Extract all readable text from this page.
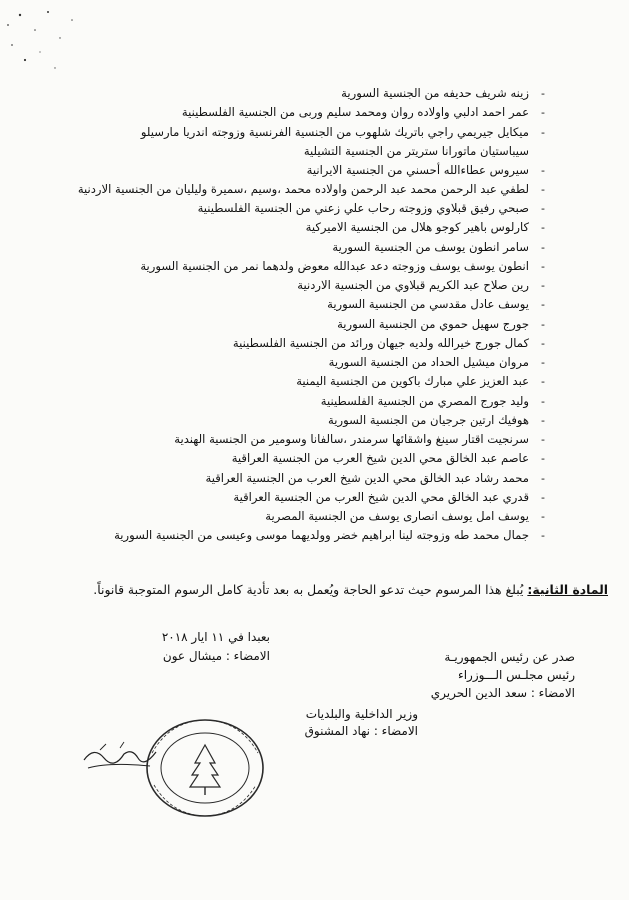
-
زينه شريف حديفه من الجنسية السورية
-
عمر احمد ادلبي واولاده روان ومحمد سليم وربى من الجنسية الفلسطينية
-
ميكايل جيريمي راجي باتريك شلهوب من الجنسية الفرنسية وزوجته اندريا مارسيلو سيباستيان ماتورانا ستريتر من الجنسية التشيلية
-
سيروس عطاءالله أحسني من الجنسية الايرانية
-
لطفي عبد الرحمن محمد عبد الرحمن واولاده محمد ،وسيم ،سميرة وليليان من الجنسية الاردنية
-
صبحي رفيق قبلاوي وزوجته رحاب علي زعني من الجنسية الفلسطينية
-
كارلوس باهير كوجو هلال من الجنسية الاميركية
-
سامر انطون يوسف من الجنسية السورية
-
انطون يوسف يوسف وزوجته دعد عبدالله معوض ولدهما نمر من الجنسية السورية
-
رين صلاح عبد الكريم قبلاوي من الجنسية الاردنية
-
يوسف عادل مقدسي من الجنسية السورية
-
جورج سهيل حموي من الجنسية السورية
-
كمال جورج خيرالله ولديه جيهان ورائد من الجنسية الفلسطينية
-
مروان ميشيل الحداد من الجنسية السورية
-
عبد العزيز علي مبارك باكوين من الجنسية اليمنية
-
وليد جورج المصري من الجنسية الفلسطينية
-
هوفيك ارتين جرجيان من الجنسية السورية
-
سرنجيت اقتار سينغ واشقائها سرمندر ،سالفانا وسومير من الجنسية الهندية
-
عاصم عبد الخالق محي الدين شيخ العرب من الجنسية العراقية
-
محمد رشاد عبد الخالق محي الدين شيخ العرب من الجنسية العراقية
-
قدري عبد الخالق محي الدين شيخ العرب من الجنسية العراقية
-
يوسف امل يوسف انصارى يوسف من الجنسية المصرية
-
جمال محمد طه وزوجته لينا ابراهيم خضر وولديهما موسى وعيسى من الجنسية السورية
المادة الثانية: يُبلغ هذا المرسوم حيث تدعو الحاجة ويُعمل به بعد تأدية كامل الرسوم المتوجبة قانوناً.
بعبدا في ١١ ايار ٢٠١٨
الامضاء : ميشال عون	صدر عن رئيس الجمهوريـة
رئيس مجلـس الـــوزراء
الامضاء : سعد الدين الحريري
وزير الداخلية والبلديات
الامضاء : نهاد المشنوق
